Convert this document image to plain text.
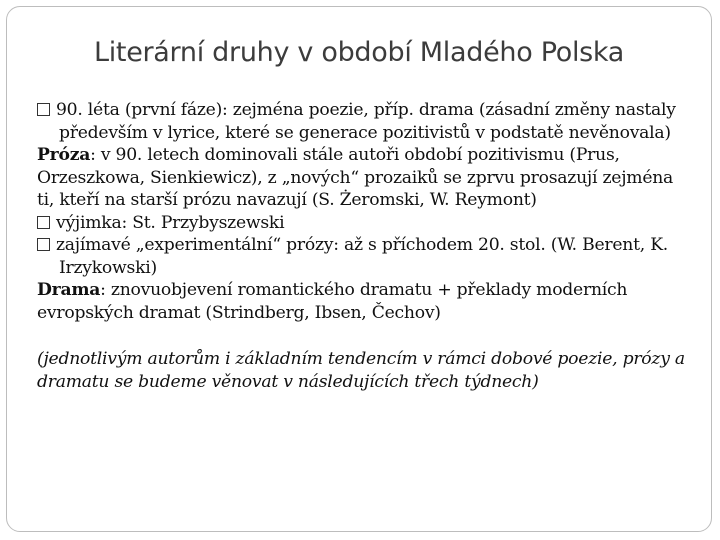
Literární druhy v období Mladého Polska

90. léta (první fáze): zejména poezie, příp. drama (zásadní změny nastaly především v lyrice, které se generace pozitivistů v podstatě nevěnovala)

Próza: v 90. letech dominovali stále autoři období pozitivismu (Prus, Orzeszkowa, Sienkiewicz), z „nových“ prozaiků se zprvu prosazují zejména ti, kteří na starší prózu navazují (S. Żeromski, W. Reymont)

výjimka: St. Przybyszewski

zajímavé „experimentální“ prózy: až s příchodem 20. stol. (W. Berent, K. Irzykowski)

Drama: znovuobjevení romantického dramatu + překlady moderních evropských dramat (Strindberg, Ibsen, Čechov)

(jednotlivým autorům i základním tendencím v rámci dobové poezie, prózy a dramatu se budeme věnovat v následujících třech týdnech)
